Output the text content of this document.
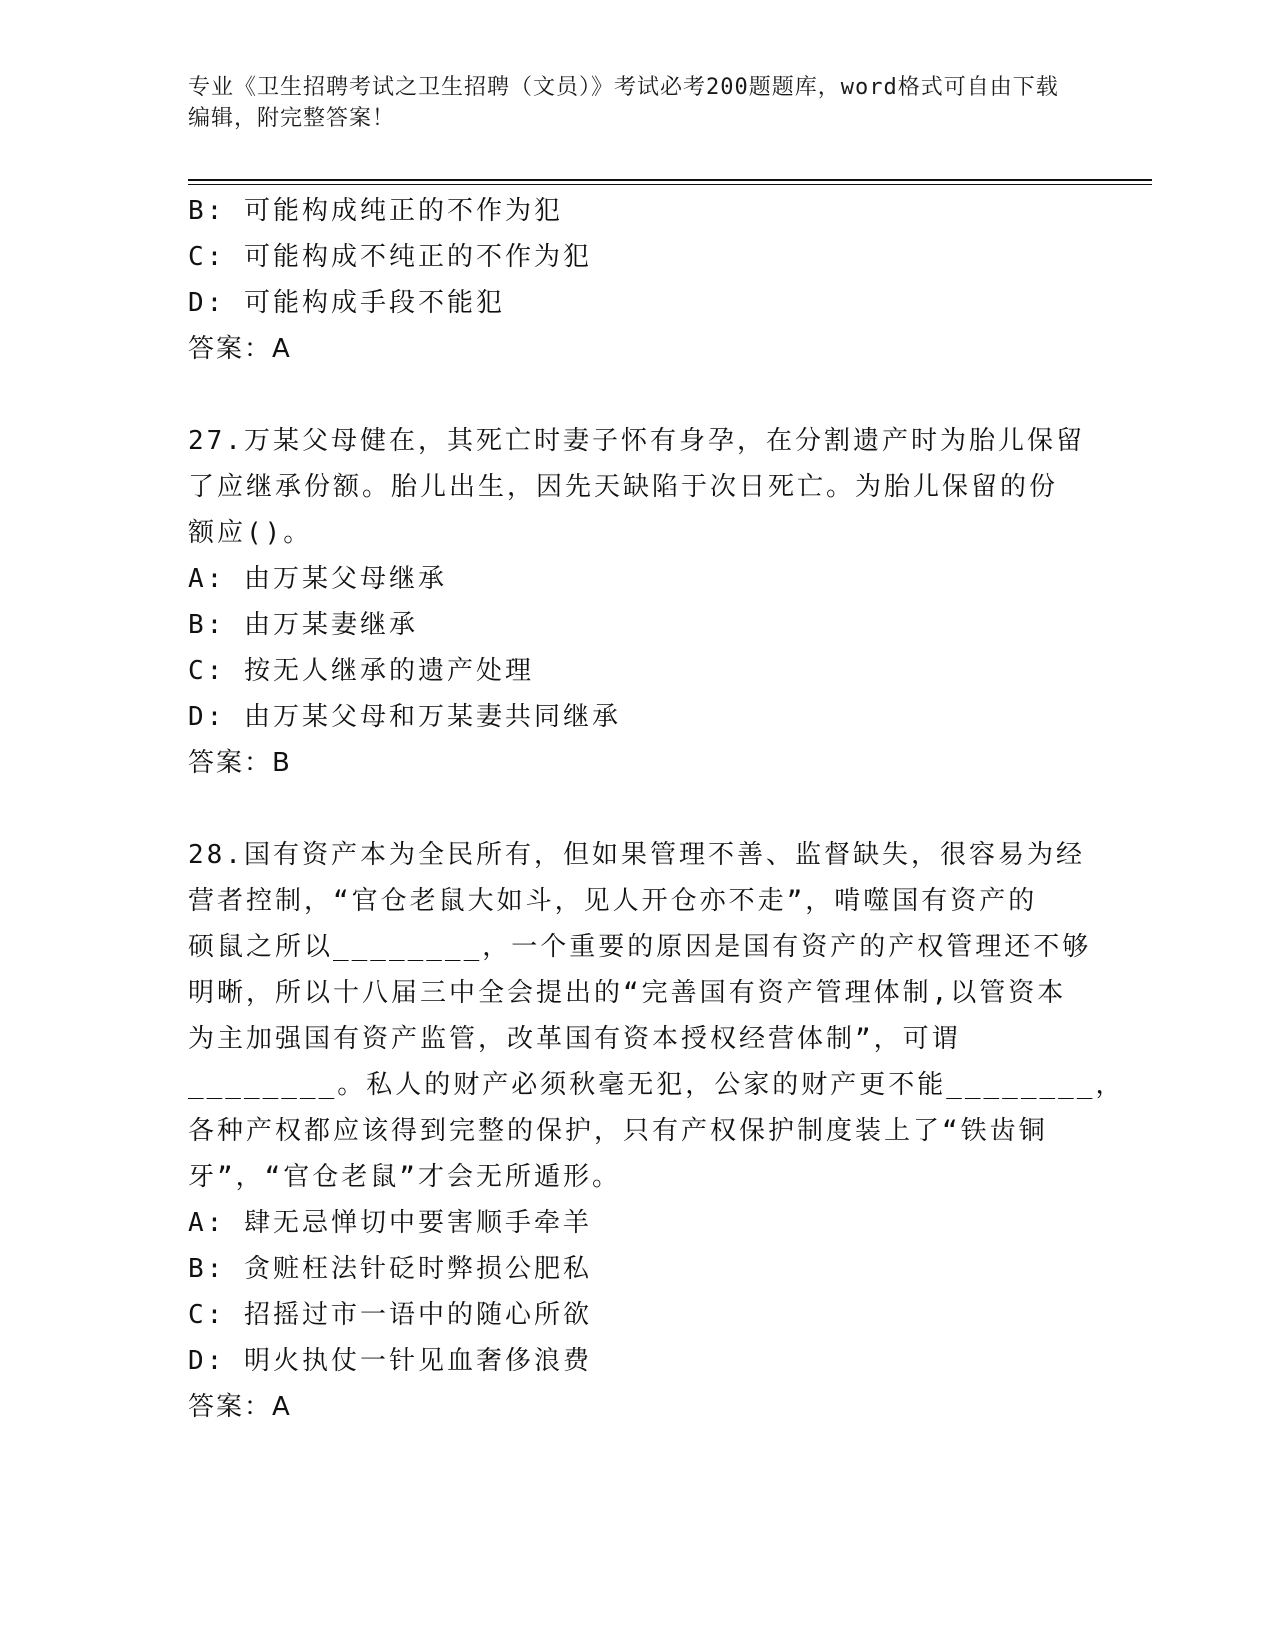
专业《卫生招聘考试之卫生招聘（文员）》考试必考200题题库，word格式可自由下载编辑，附完整答案！
B: 可能构成纯正的不作为犯
C: 可能构成不纯正的不作为犯
D: 可能构成手段不能犯
答案：A
27.万某父母健在，其死亡时妻子怀有身孕，在分割遗产时为胎儿保留
了应继承份额。胎儿出生，因先天缺陷于次日死亡。为胎儿保留的份
额应()。
A: 由万某父母继承
B: 由万某妻继承
C: 按无人继承的遗产处理
D: 由万某父母和万某妻共同继承
答案：B
28.国有资产本为全民所有，但如果管理不善、监督缺失，很容易为经
营者控制，“官仓老鼠大如斗，见人开仓亦不走”，啃噬国有资产的
硕鼠之所以________，一个重要的原因是国有资产的产权管理还不够
明晰，所以十八届三中全会提出的“完善国有资产管理体制,以管资本
为主加强国有资产监管，改革国有资本授权经营体制”，可谓
________。私人的财产必须秋毫无犯，公家的财产更不能________，
各种产权都应该得到完整的保护，只有产权保护制度装上了“铁齿铜
牙”，“官仓老鼠”才会无所遁形。
A: 肆无忌惮切中要害顺手牵羊
B: 贪赃枉法针砭时弊损公肥私
C: 招摇过市一语中的随心所欲
D: 明火执仗一针见血奢侈浪费
答案：A
